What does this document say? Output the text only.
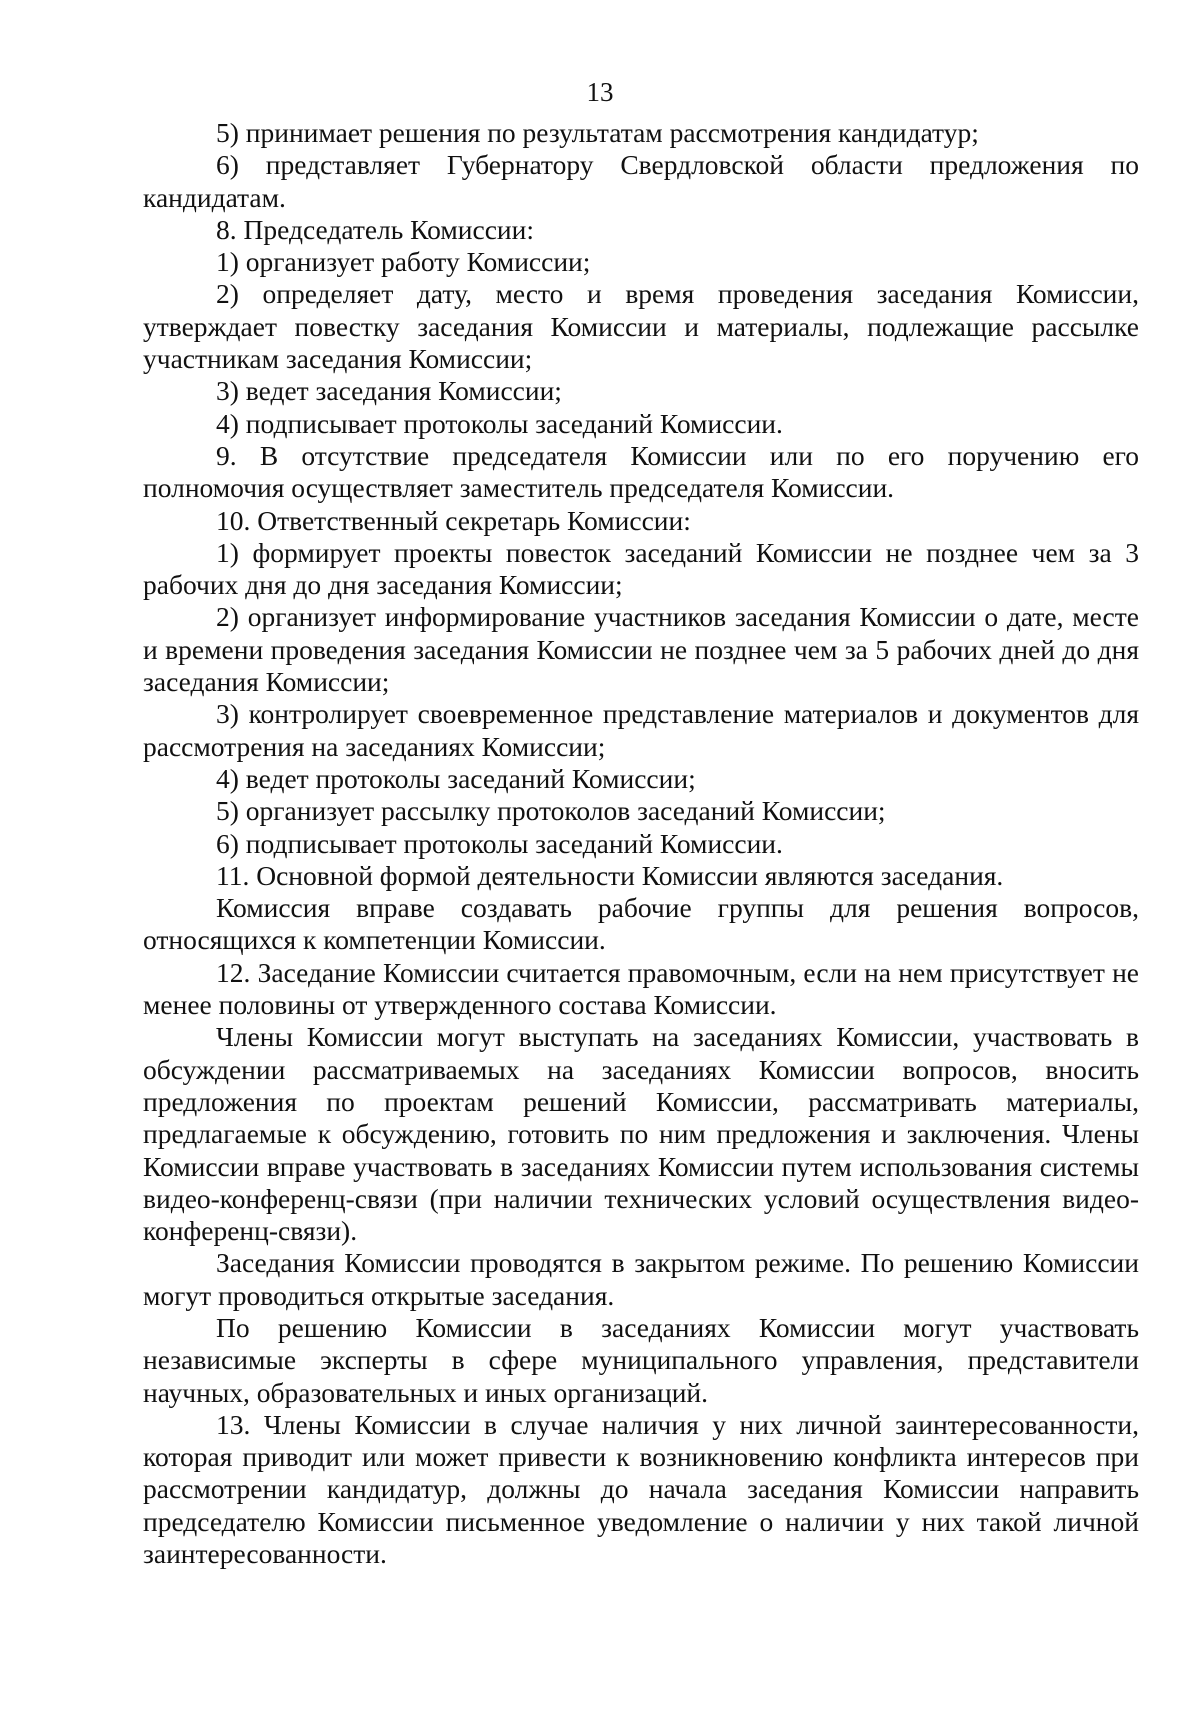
13

5) принимает решения по результатам рассмотрения кандидатур;

6) представляет Губернатору Свердловской области предложения по кандидатам.

8. Председатель Комиссии:

1) организует работу Комиссии;

2) определяет дату, место и время проведения заседания Комиссии, утверждает повестку заседания Комиссии и материалы, подлежащие рассылке участникам заседания Комиссии;

3) ведет заседания Комиссии;

4) подписывает протоколы заседаний Комиссии.

9. В отсутствие председателя Комиссии или по его поручению его полномочия осуществляет заместитель председателя Комиссии.

10. Ответственный секретарь Комиссии:

1) формирует проекты повесток заседаний Комиссии не позднее чем за 3 рабочих дня до дня заседания Комиссии;

2) организует информирование участников заседания Комиссии о дате, месте и времени проведения заседания Комиссии не позднее чем за 5 рабочих дней до дня заседания Комиссии;

3) контролирует своевременное представление материалов и документов для рассмотрения на заседаниях Комиссии;

4) ведет протоколы заседаний Комиссии;

5) организует рассылку протоколов заседаний Комиссии;

6) подписывает протоколы заседаний Комиссии.

11. Основной формой деятельности Комиссии являются заседания.

Комиссия вправе создавать рабочие группы для решения вопросов, относящихся к компетенции Комиссии.

12. Заседание Комиссии считается правомочным, если на нем присутствует не менее половины от утвержденного состава Комиссии.

Члены Комиссии могут выступать на заседаниях Комиссии, участвовать в обсуждении рассматриваемых на заседаниях Комиссии вопросов, вносить предложения по проектам решений Комиссии, рассматривать материалы, предлагаемые к обсуждению, готовить по ним предложения и заключения. Члены Комиссии вправе участвовать в заседаниях Комиссии путем использования системы видео-конференц-связи (при наличии технических условий осуществления видео-конференц-связи).

Заседания Комиссии проводятся в закрытом режиме. По решению Комиссии могут проводиться открытые заседания.

По решению Комиссии в заседаниях Комиссии могут участвовать независимые эксперты в сфере муниципального управления, представители научных, образовательных и иных организаций.

13. Члены Комиссии в случае наличия у них личной заинтересованности, которая приводит или может привести к возникновению конфликта интересов при рассмотрении кандидатур, должны до начала заседания Комиссии направить председателю Комиссии письменное уведомление о наличии у них такой личной заинтересованности.
